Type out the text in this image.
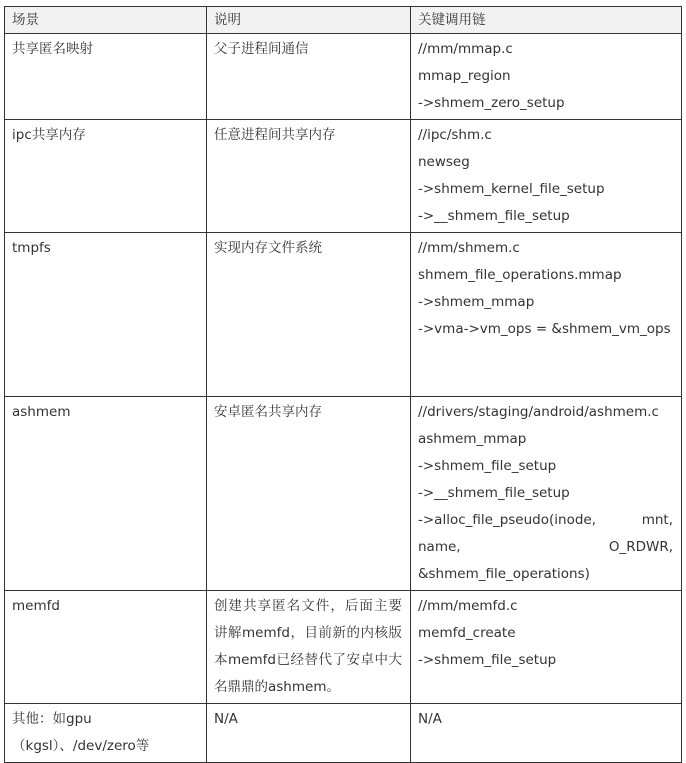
场景	说明	关键调用链
共享匿名映射	父子进程间通信	//mm/mmap.c
mmap_region
->shmem_zero_setup

ipc共享内存	任意进程间共享内存	//ipc/shm.c
newseg
->shmem_kernel_file_setup
->__shmem_file_setup

tmpfs	实现内存文件系统	//mm/shmem.c
shmem_file_operations.mmap
->shmem_mmap
->vma->vm_ops = &shmem_vm_ops

ashmem	安卓匿名共享内存	//drivers/staging/android/ashmem.c
ashmem_mmap
->shmem_file_setup
->__shmem_file_setup
->alloc_file_pseudo(inode, mnt, name, O_RDWR, &shmem_file_operations)

memfd	创建共享匿名文件，后面主要讲解memfd，目前新的内核版本memfd已经替代了安卓中大名鼎鼎的ashmem。	//mm/memfd.c
memfd_create
->shmem_file_setup

其他：如gpu（kgsl）、/dev/zero等	N/A	N/A
